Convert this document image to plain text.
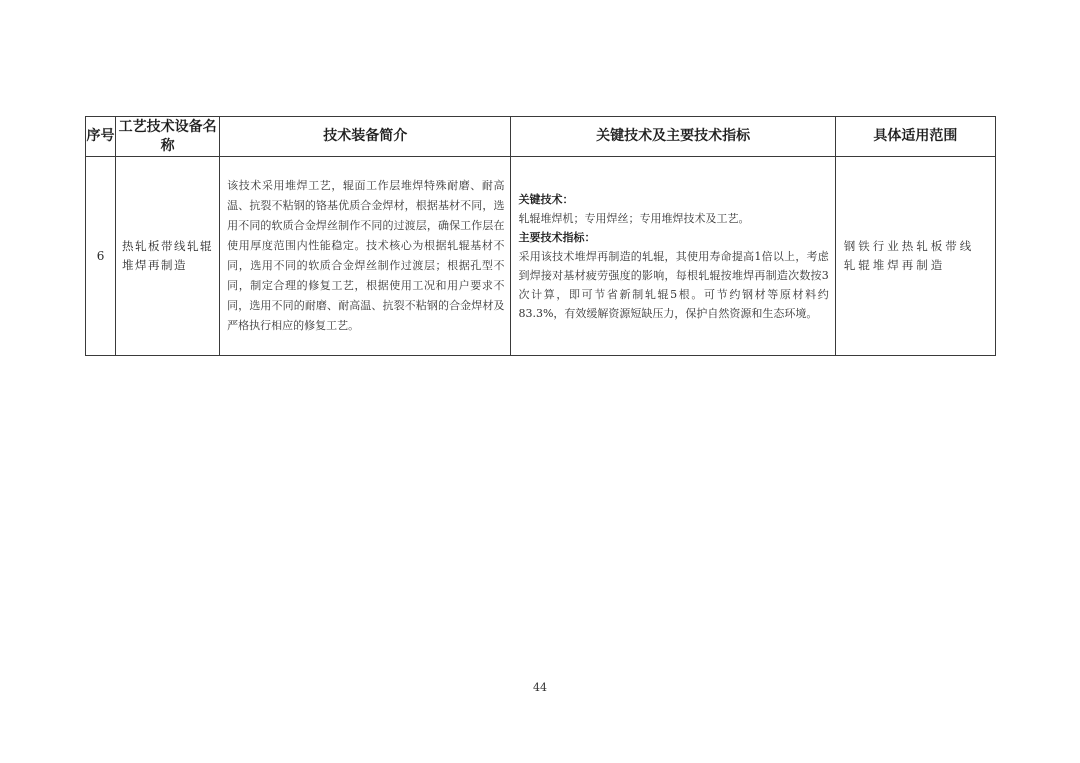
序号	工艺技术设备名称	技术装备简介	关键技术及主要技术指标	具体适用范围
6	热轧板带线轧辊堆焊再制造	该技术采用堆焊工艺，辊面工作层堆焊特殊耐磨、耐高温、抗裂不粘钢的铬基优质合金焊材，根据基材不同，选用不同的软质合金焊丝制作不同的过渡层，确保工作层在使用厚度范围内性能稳定。技术核心为根据轧辊基材不同，选用不同的软质合金焊丝制作过渡层；根据孔型不同，制定合理的修复工艺，根据使用工况和用户要求不同，选用不同的耐磨、耐高温、抗裂不粘钢的合金焊材及严格执行相应的修复工艺。	关键技术：
轧辊堆焊机；专用焊丝；专用堆焊技术及工艺。
主要技术指标：
采用该技术堆焊再制造的轧辊，其使用寿命提高1倍以上，考虑到焊接对基材疲劳强度的影响，每根轧辊按堆焊再制造次数按3次计算，即可节省新制轧辊5根。可节约钢材等原材料约83.3%，有效缓解资源短缺压力，保护自然资源和生态环境。	钢铁行业热轧板带线轧辊堆焊再制造
44
